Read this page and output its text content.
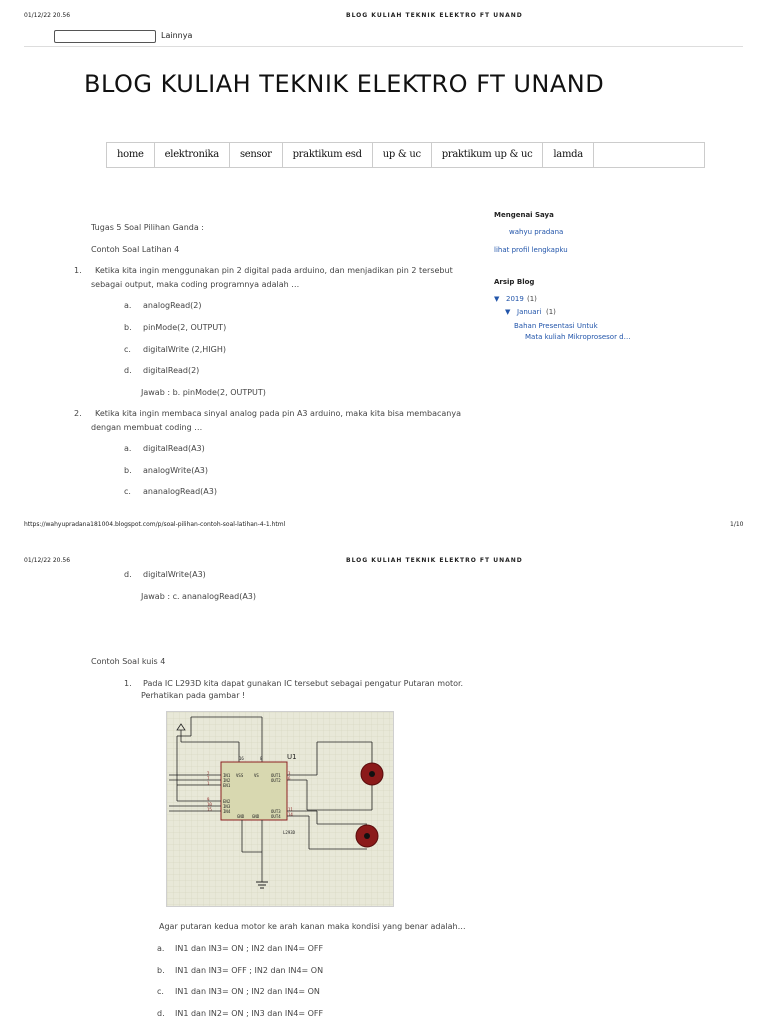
01/12/22 20.56	BLOG KULIAH TEKNIK ELEKTRO FT UNAND
Lainnya
BLOG KULIAH TEKNIK ELEKTRO FT UNAND
home	elektronika	sensor	praktikum esd	up & uc	praktikum up & uc	lamda
Tugas 5 Soal Pilihan Ganda :
Contoh Soal Latihan 4
1. Ketika kita ingin menggunakan pin 2 digital pada arduino, dan menjadikan pin 2 tersebut
sebagai output, maka coding programnya adalah …
a. analogRead(2)
b. pinMode(2, OUTPUT)
c. digitalWrite (2,HIGH)
d. digitalRead(2)
Jawab : b. pinMode(2, OUTPUT)
2. Ketika kita ingin membaca sinyal analog pada pin A3 arduino, maka kita bisa membacanya
dengan membuat coding …
a. digitalRead(A3)
b. analogWrite(A3)
c. ananalogRead(A3)
Mengenai Saya
wahyu pradana
lihat profil lengkapku
Arsip Blog
▼ 2019 (1)
▼ Januari (1)
Bahan Presentasi Untuk
Mata kuliah Mikroprosesor d…
https://wahyupradana181004.blogspot.com/p/soal-pilihan-contoh-soal-latihan-4-1.html	1/10
01/12/22 20.56	BLOG KULIAH TEKNIK ELEKTRO FT UNAND
d. digitalWrite(A3)
Jawab : c. ananalogRead(A3)
Contoh Soal kuis 4
1. Pada IC L293D kita dapat gunakan IC tersebut sebagai pengatur Putaran motor.
Perhatikan pada gambar !
16	8	U1
IN1
IN2
EN1
EN2
IN3
IN4
VSS	VS	OUT1
OUT2
OUT3
OUT4
GND GND
L293D
2
7
1
9
10
15
3
6
11
14
Agar putaran kedua motor ke arah kanan maka kondisi yang benar adalah…
a. IN1 dan IN3= ON ; IN2 dan IN4= OFF
b. IN1 dan IN3= OFF ; IN2 dan IN4= ON
c. IN1 dan IN3= ON ; IN2 dan IN4= ON
d. IN1 dan IN2= ON ; IN3 dan IN4= OFF
